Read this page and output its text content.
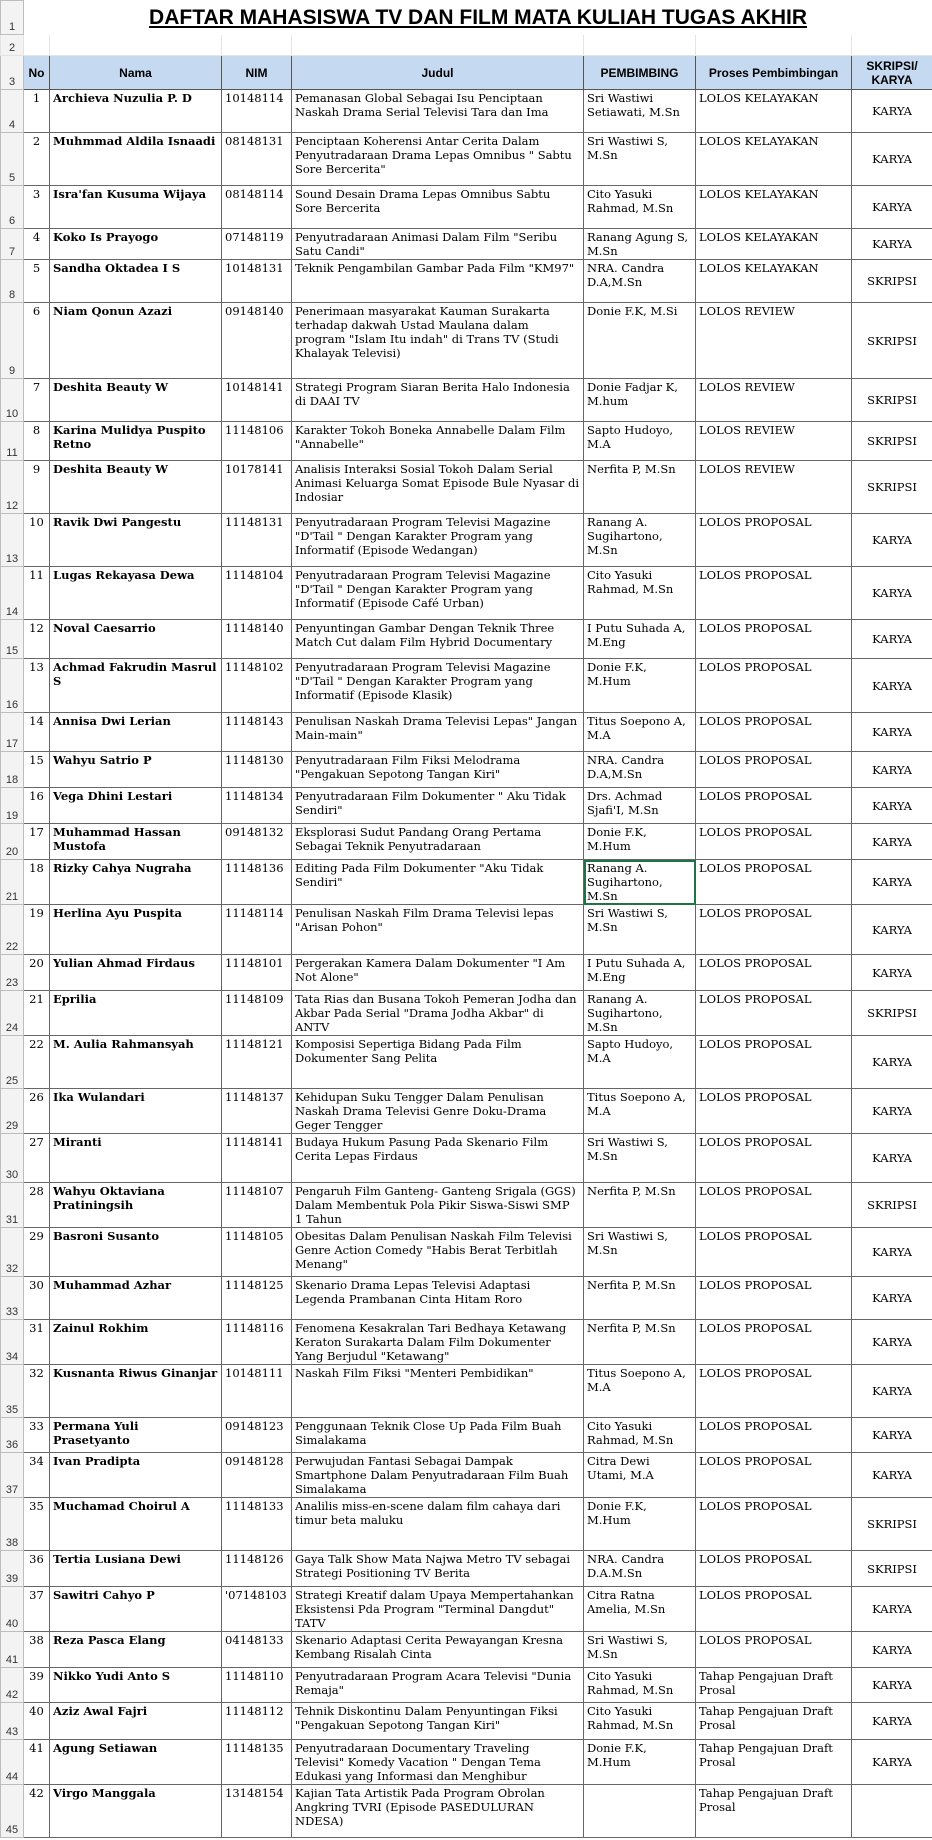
1	DAFTAR MAHASISWA TV DAN FILM MATA KULIAH TUGAS AKHIR						
2							
3	No	Nama	NIM	Judul	PEMBIMBING	Proses Pembimbingan	SKRIPSI/ KARYA
4	1	Archieva Nuzulia P. D	10148114	Pemanasan Global Sebagai Isu Penciptaan Naskah Drama Serial Televisi Tara dan Ima	Sri Wastiwi Setiawati, M.Sn	LOLOS KELAYAKAN	KARYA
5	2	Muhmmad Aldila Isnaadi	08148131	Penciptaan Koherensi Antar Cerita Dalam Penyutradaraan Drama Lepas Omnibus " Sabtu Sore Bercerita"	Sri Wastiwi S, M.Sn	LOLOS KELAYAKAN	KARYA
6	3	Isra'fan Kusuma Wijaya	08148114	Sound Desain Drama Lepas Omnibus Sabtu Sore Bercerita	Cito Yasuki Rahmad, M.Sn	LOLOS KELAYAKAN	KARYA
7	4	Koko Is Prayogo	07148119	Penyutradaraan Animasi Dalam Film "Seribu Satu Candi"	Ranang Agung S, M.Sn	LOLOS KELAYAKAN	KARYA
8	5	Sandha Oktadea I S	10148131	Teknik Pengambilan Gambar Pada Film "KM97"	NRA. Candra D.A,M.Sn	LOLOS KELAYAKAN	SKRIPSI
9	6	Niam Qonun Azazi	09148140	Penerimaan masyarakat Kauman Surakarta terhadap dakwah Ustad Maulana dalam program "Islam Itu indah" di Trans TV (Studi Khalayak Televisi)	Donie F.K, M.Si	LOLOS REVIEW	SKRIPSI
10	7	Deshita Beauty W	10148141	Strategi Program Siaran Berita Halo Indonesia di DAAI TV	Donie Fadjar K, M.hum	LOLOS REVIEW	SKRIPSI
11	8	Karina Mulidya Puspito Retno	11148106	Karakter Tokoh Boneka Annabelle Dalam Film "Annabelle"	Sapto Hudoyo, M.A	LOLOS REVIEW	SKRIPSI
12	9	Deshita Beauty W	10178141	Analisis Interaksi Sosial Tokoh Dalam Serial Animasi Keluarga Somat Episode Bule Nyasar di Indosiar	Nerfita P, M.Sn	LOLOS REVIEW	SKRIPSI
13	10	Ravik Dwi Pangestu	11148131	Penyutradaraan Program Televisi Magazine "D'Tail " Dengan Karakter Program yang Informatif (Episode Wedangan)	Ranang A. Sugihartono, M.Sn	LOLOS PROPOSAL	KARYA
14	11	Lugas Rekayasa Dewa	11148104	Penyutradaraan Program Televisi Magazine "D'Tail " Dengan Karakter Program yang Informatif (Episode Café Urban)	Cito Yasuki Rahmad, M.Sn	LOLOS PROPOSAL	KARYA
15	12	Noval Caesarrio	11148140	Penyuntingan Gambar Dengan Teknik Three Match Cut dalam Film Hybrid Documentary	I Putu Suhada A, M.Eng	LOLOS PROPOSAL	KARYA
16	13	Achmad Fakrudin Masrul S	11148102	Penyutradaraan Program Televisi Magazine "D'Tail " Dengan Karakter Program yang Informatif (Episode Klasik)	Donie F.K, M.Hum	LOLOS PROPOSAL	KARYA
17	14	Annisa Dwi Lerian	11148143	Penulisan Naskah Drama Televisi Lepas" Jangan Main-main"	Titus Soepono A, M.A	LOLOS PROPOSAL	KARYA
18	15	Wahyu Satrio P	11148130	Penyutradaraan Film Fiksi Melodrama "Pengakuan Sepotong Tangan Kiri"	NRA. Candra D.A,M.Sn	LOLOS PROPOSAL	KARYA
19	16	Vega Dhini Lestari	11148134	Penyutradaraan Film Dokumenter " Aku Tidak Sendiri"	Drs. Achmad Sjafi'I, M.Sn	LOLOS PROPOSAL	KARYA
20	17	Muhammad Hassan Mustofa	09148132	Eksplorasi Sudut Pandang Orang Pertama Sebagai Teknik Penyutradaraan	Donie F.K, M.Hum	LOLOS PROPOSAL	KARYA
21	18	Rizky Cahya Nugraha	11148136	Editing Pada Film Dokumenter "Aku Tidak Sendiri"	Ranang A. Sugihartono, M.Sn	LOLOS PROPOSAL	KARYA
22	19	Herlina Ayu Puspita	11148114	Penulisan Naskah Film Drama Televisi lepas "Arisan Pohon"	Sri Wastiwi S, M.Sn	LOLOS PROPOSAL	KARYA
23	20	Yulian Ahmad Firdaus	11148101	Pergerakan Kamera Dalam Dokumenter "I Am Not Alone"	I Putu Suhada A, M.Eng	LOLOS PROPOSAL	KARYA
24	21	Eprilia	11148109	Tata Rias dan Busana Tokoh Pemeran Jodha dan Akbar Pada Serial "Drama Jodha Akbar" di ANTV	Ranang A. Sugihartono, M.Sn	LOLOS PROPOSAL	SKRIPSI
25	22	M. Aulia Rahmansyah	11148121	Komposisi Sepertiga Bidang Pada Film Dokumenter Sang Pelita	Sapto Hudoyo, M.A	LOLOS PROPOSAL	KARYA
29	26	Ika Wulandari	11148137	Kehidupan Suku Tengger Dalam Penulisan Naskah Drama Televisi Genre Doku-Drama Geger Tengger	Titus Soepono A, M.A	LOLOS PROPOSAL	KARYA
30	27	Miranti	11148141	Budaya Hukum Pasung Pada Skenario Film Cerita Lepas Firdaus	Sri Wastiwi S, M.Sn	LOLOS PROPOSAL	KARYA
31	28	Wahyu Oktaviana Pratiningsih	11148107	Pengaruh Film Ganteng- Ganteng Srigala (GGS) Dalam Membentuk Pola Pikir Siswa-Siswi SMP 1 Tahun	Nerfita P, M.Sn	LOLOS PROPOSAL	SKRIPSI
32	29	Basroni Susanto	11148105	Obesitas Dalam Penulisan Naskah Film Televisi Genre Action Comedy "Habis Berat Terbitlah Menang"	Sri Wastiwi S, M.Sn	LOLOS PROPOSAL	KARYA
33	30	Muhammad Azhar	11148125	Skenario Drama Lepas Televisi Adaptasi Legenda Prambanan Cinta Hitam Roro	Nerfita P, M.Sn	LOLOS PROPOSAL	KARYA
34	31	Zainul Rokhim	11148116	Fenomena Kesakralan Tari Bedhaya Ketawang Keraton Surakarta Dalam Film Dokumenter Yang Berjudul "Ketawang"	Nerfita P, M.Sn	LOLOS PROPOSAL	KARYA
35	32	Kusnanta Riwus Ginanjar	10148111	Naskah Film Fiksi "Menteri Pembidikan"	Titus Soepono A, M.A	LOLOS PROPOSAL	KARYA
36	33	Permana Yuli Prasetyanto	09148123	Penggunaan Teknik Close Up Pada Film Buah Simalakama	Cito Yasuki Rahmad, M.Sn	LOLOS PROPOSAL	KARYA
37	34	Ivan Pradipta	09148128	Perwujudan Fantasi Sebagai Dampak Smartphone Dalam Penyutradaraan Film Buah Simalakama	Citra Dewi Utami, M.A	LOLOS PROPOSAL	KARYA
38	35	Muchamad Choirul A	11148133	Analilis miss-en-scene dalam film cahaya dari timur beta maluku	Donie F.K, M.Hum	LOLOS PROPOSAL	SKRIPSI
39	36	Tertia Lusiana Dewi	11148126	Gaya Talk Show Mata Najwa Metro TV sebagai Strategi Positioning TV Berita	NRA. Candra D.A.M.Sn	LOLOS PROPOSAL	SKRIPSI
40	37	Sawitri Cahyo P	'07148103	Strategi Kreatif dalam Upaya Mempertahankan Eksistensi Pda Program "Terminal Dangdut" TATV	Citra Ratna Amelia, M.Sn	LOLOS PROPOSAL	KARYA
41	38	Reza Pasca Elang	04148133	Skenario Adaptasi Cerita Pewayangan Kresna Kembang Risalah Cinta	Sri Wastiwi S, M.Sn	LOLOS PROPOSAL	KARYA
42	39	Nikko Yudi Anto S	11148110	Penyutradaraan Program Acara Televisi "Dunia Remaja"	Cito Yasuki Rahmad, M.Sn	Tahap Pengajuan Draft Prosal	KARYA
43	40	Aziz Awal Fajri	11148112	Tehnik Diskontinu Dalam Penyuntingan Fiksi "Pengakuan Sepotong Tangan Kiri"	Cito Yasuki Rahmad, M.Sn	Tahap Pengajuan Draft Prosal	KARYA
44	41	Agung Setiawan	11148135	Penyutradaraan Documentary Traveling Televisi" Komedy Vacation " Dengan Tema Edukasi yang Informasi dan Menghibur	Donie F.K, M.Hum	Tahap Pengajuan Draft Prosal	KARYA
45	42	Virgo Manggala	13148154	Kajian Tata Artistik Pada Program Obrolan Angkring TVRI (Episode PASEDULURAN NDESA)		Tahap Pengajuan Draft Prosal	
